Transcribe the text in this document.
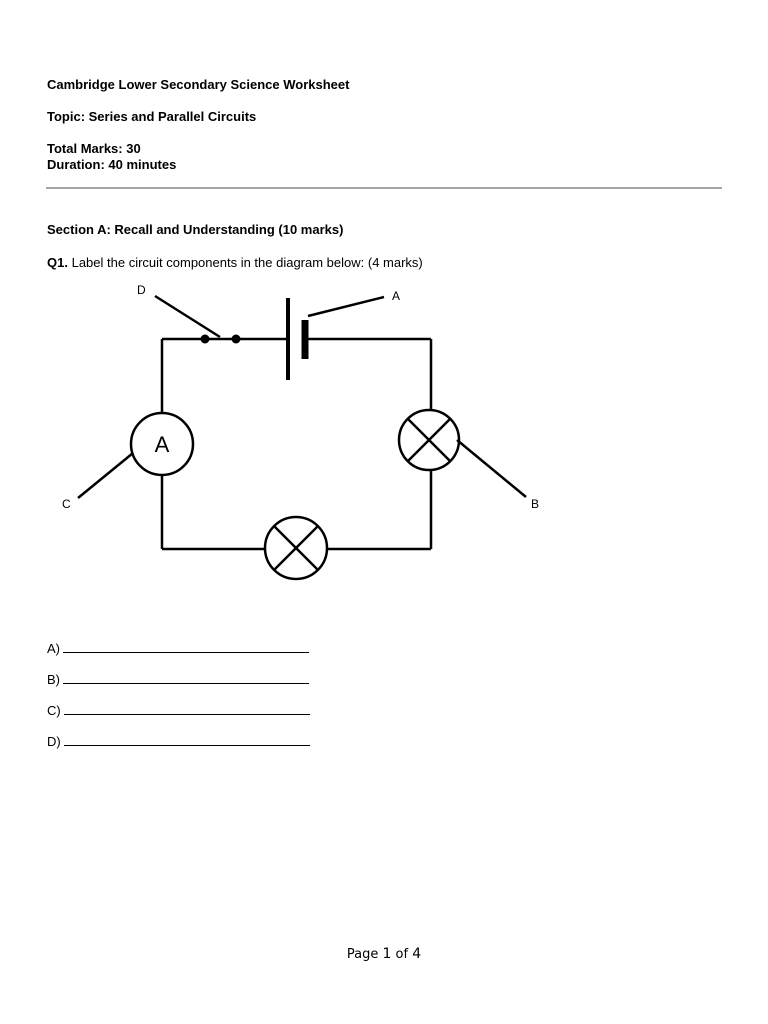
Cambridge Lower Secondary Science Worksheet
Topic: Series and Parallel Circuits
Total Marks: 30
Duration: 40 minutes
Section A: Recall and Understanding (10 marks)
Q1. Label the circuit components in the diagram below: (4 marks)
A
D	A
C	B
A)
B)
C)
D)
Page 1 of 4
